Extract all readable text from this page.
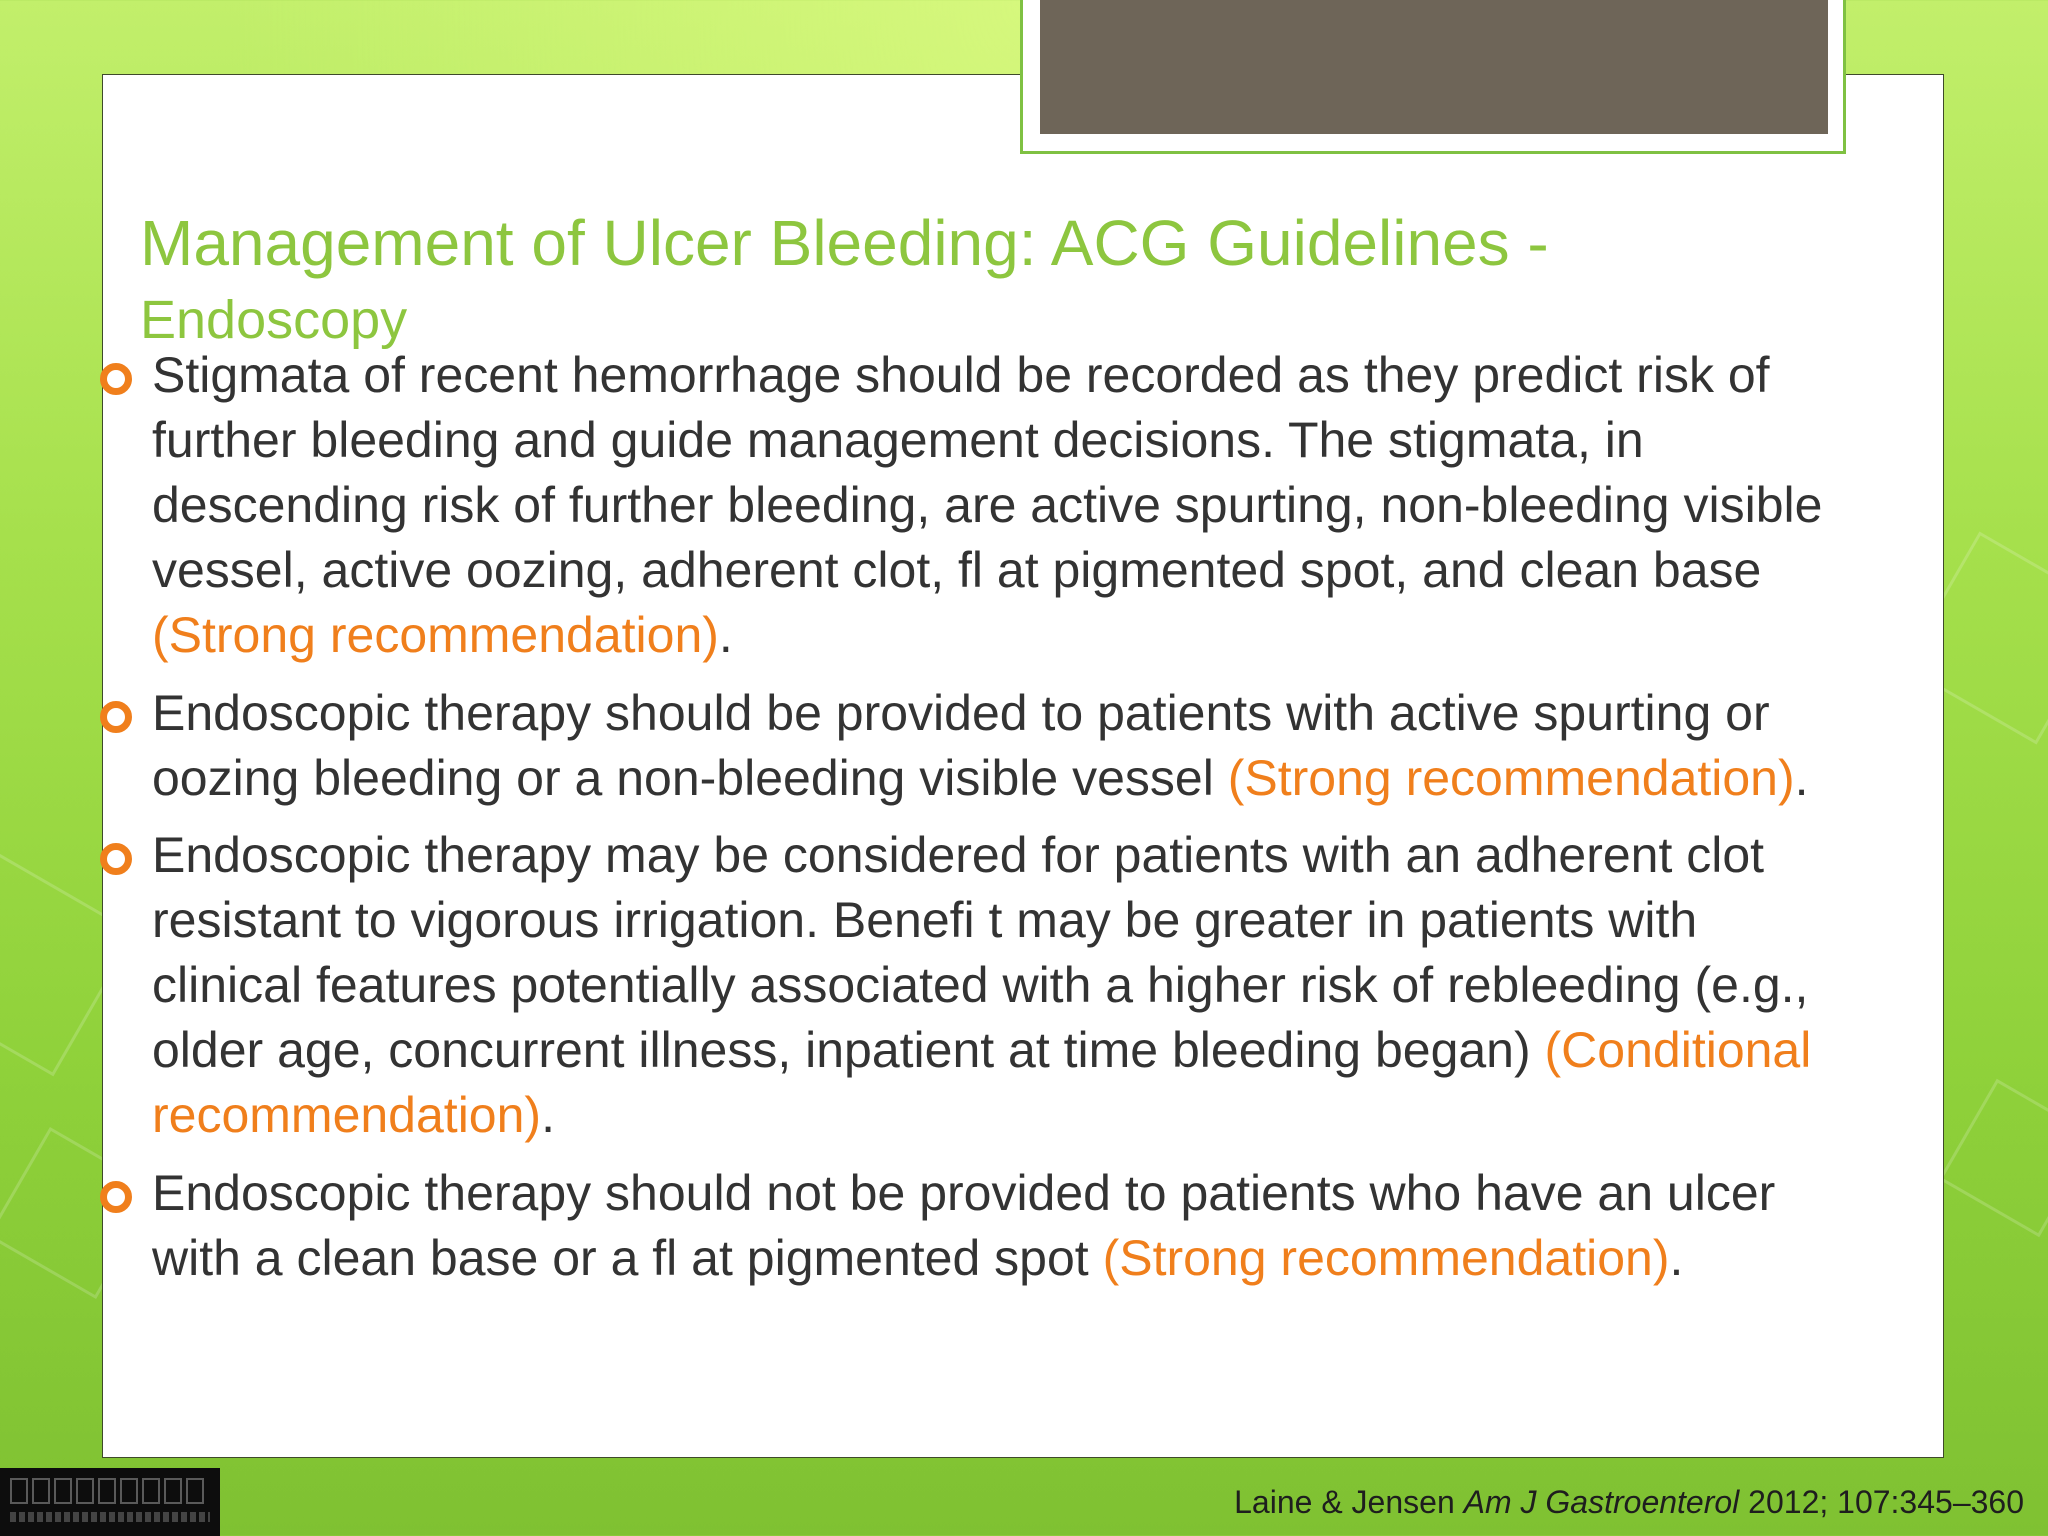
Management of Ulcer Bleeding: ACG Guidelines -
Endoscopy
Stigmata of recent hemorrhage should be recorded as they predict risk of
further bleeding and guide management decisions. The stigmata, in
descending risk of further bleeding, are active spurting, non-bleeding visible
vessel, active oozing, adherent clot, fl at pigmented spot, and clean base
(Strong recommendation).
Endoscopic therapy should be provided to patients with active spurting or
oozing bleeding or a non-bleeding visible vessel (Strong recommendation).
Endoscopic therapy may be considered for patients with an adherent clot
resistant to vigorous irrigation. Benefi t may be greater in patients with
clinical features potentially associated with a higher risk of rebleeding (e.g.,
older age, concurrent illness, inpatient at time bleeding began) (Conditional
recommendation).
Endoscopic therapy should not be provided to patients who have an ulcer
with a clean base or a fl at pigmented spot (Strong recommendation).

Laine & Jensen Am J Gastroenterol 2012; 107:345–360
